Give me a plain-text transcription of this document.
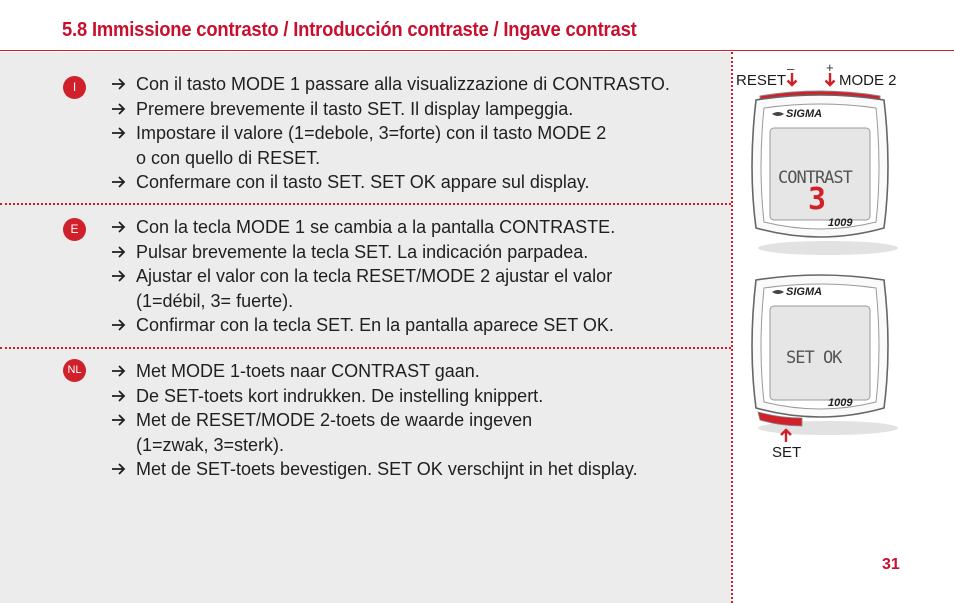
5.8 Immissione contrasto / Introducción contraste / Ingave contrast
I	Con il tasto MODE 1 passare alla visualizzazione di CONTRASTO.
Premere brevemente il tasto SET. Il display lampeggia.
Impostare il valore (1=debole, 3=forte) con il tasto MODE 2
o con quello di RESET.
Confermare con il tasto SET. SET OK appare sul display.
E	Con la tecla MODE 1 se cambia a la pantalla CONTRASTE.
Pulsar brevemente la tecla SET. La indicación parpadea.
Ajustar el valor con la tecla RESET/MODE 2 ajustar el valor
(1=débil, 3= fuerte).
Confirmar con la tecla SET. En la pantalla aparece SET OK.
NL	Met MODE 1-toets naar CONTRAST gaan.
De SET-toets kort indrukken. De instelling knippert.
Met de RESET/MODE 2-toets de waarde ingeven
(1=zwak, 3=sterk).
Met de SET-toets bevestigen. SET OK verschijnt in het display.
– +
RESET	MODE 2
SIGMA
CONTRAST
3
1009
SIGMA
SET OK
1009
SET
31
